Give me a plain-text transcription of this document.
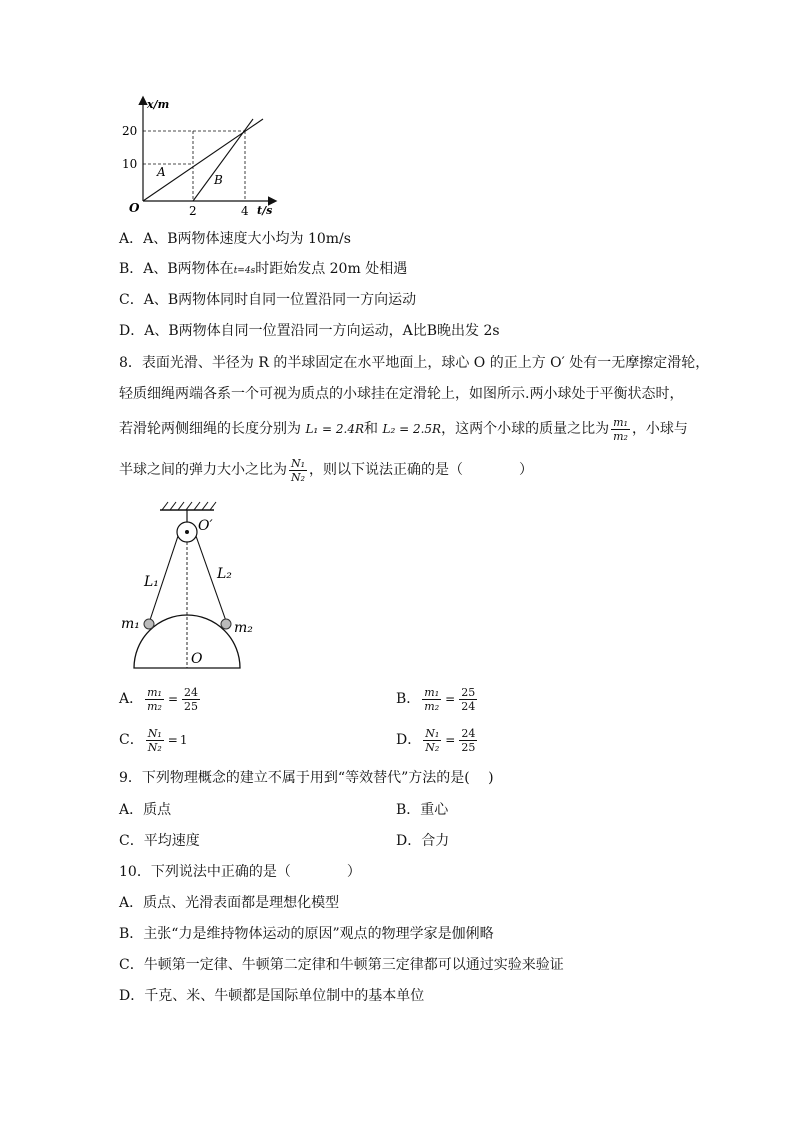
x/m
t/s
O
20
10
2	4
A
B
A．A、B两物体速度大小均为 10m/s
B．A、B两物体在t=4s时距始发点 20m 处相遇
C．A、B两物体同时自同一位置沿同一方向运动
D．A、B两物体自同一位置沿同一方向运动，A比B晚出发 2s
8．表面光滑、半径为 R 的半球固定在水平地面上，球心 O 的正上方 O′ 处有一无摩擦定滑轮，
轻质细绳两端各系一个可视为质点的小球挂在定滑轮上，如图所示.两小球处于平衡状态时，
若滑轮两侧细绳的长度分别为 L₁ = 2.4R和 L₂ = 2.5R，这两个小球的质量之比为 $\frac{\text{m₁}}{\text{m₂}}$ ，小球与
半球之间的弹力大小之比为 $\frac{\text{N₁}}{\text{N₂}}$ ，则以下说法正确的是（　　　　）
O′
L₁	L₂
m₁	m₂
O
A． $\frac{\text{m₁}}{\text{m₂}} = \frac{24}{25}$	B． $\frac{\text{m₁}}{\text{m₂}} = \frac{25}{24}$
C． $\frac{\text{N₁}}{\text{N₂}} = 1$	D． $\frac{\text{N₁}}{\text{N₂}} = \frac{24}{25}$
9．下列物理概念的建立不属于用到“等效替代”方法的是(　 )
A．质点	B．重心
C．平均速度	D．合力
10．下列说法中正确的是（　　　　）
A．质点、光滑表面都是理想化模型
B．主张“力是维持物体运动的原因”观点的物理学家是伽俐略
C．牛顿第一定律、牛顿第二定律和牛顿第三定律都可以通过实验来验证
D．千克、米、牛顿都是国际单位制中的基本单位
